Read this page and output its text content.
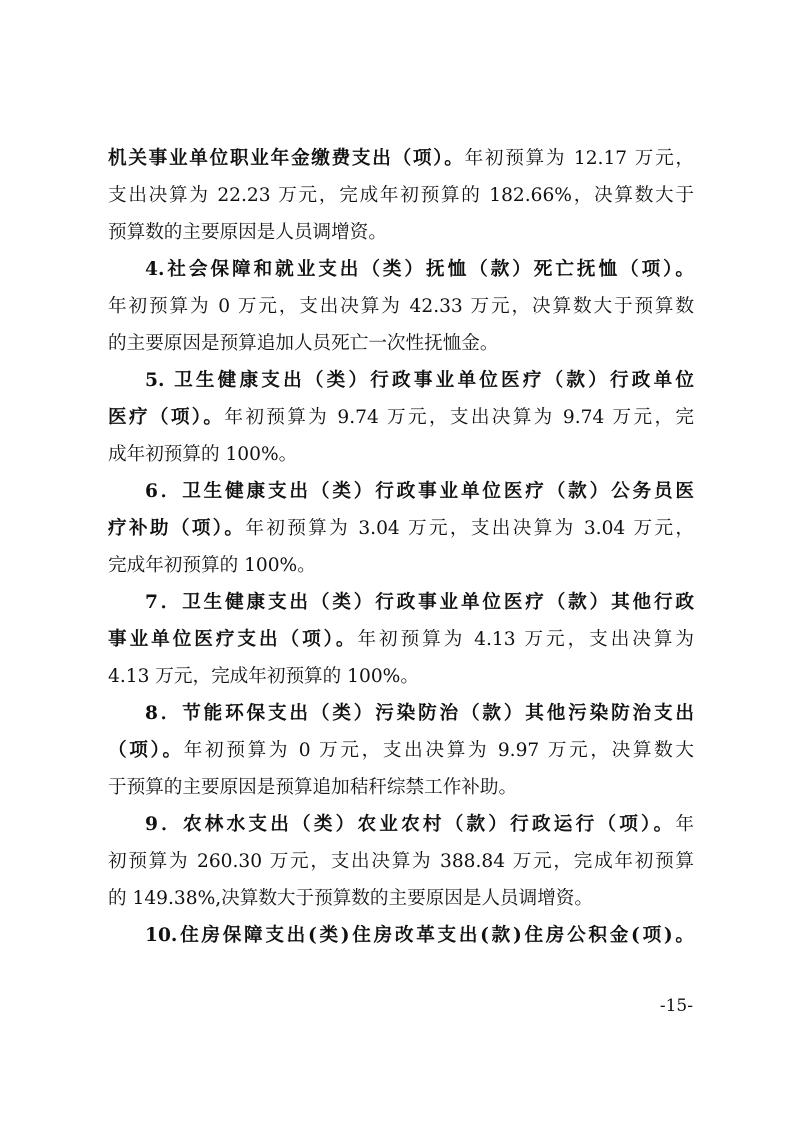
机关事业单位职业年金缴费支出（项）。年初预算为 12.17 万元，
支出决算为 22.23 万元，完成年初预算的 182.66%，决算数大于
预算数的主要原因是人员调增资。
4.社会保障和就业支出（类）抚恤（款）死亡抚恤（项）。
年初预算为 0 万元，支出决算为 42.33 万元，决算数大于预算数
的主要原因是预算追加人员死亡一次性抚恤金。
5. 卫生健康支出（类）行政事业单位医疗（款）行政单位
医疗（项）。年初预算为 9.74 万元，支出决算为 9.74 万元，完
成年初预算的 100%。
6．卫生健康支出（类）行政事业单位医疗（款）公务员医
疗补助（项）。年初预算为 3.04 万元，支出决算为 3.04 万元，
完成年初预算的 100%。
7．卫生健康支出（类）行政事业单位医疗（款）其他行政
事业单位医疗支出（项）。年初预算为 4.13 万元，支出决算为
4.13 万元，完成年初预算的 100%。
8．节能环保支出（类）污染防治（款）其他污染防治支出
（项）。年初预算为 0 万元，支出决算为 9.97 万元，决算数大
于预算的主要原因是预算追加秸秆综禁工作补助。
9．农林水支出（类）农业农村（款）行政运行（项）。年
初预算为 260.30 万元，支出决算为 388.84 万元，完成年初预算
的 149.38%,决算数大于预算数的主要原因是人员调增资。
10.住房保障支出(类)住房改革支出(款)住房公积金(项)。
-15-
